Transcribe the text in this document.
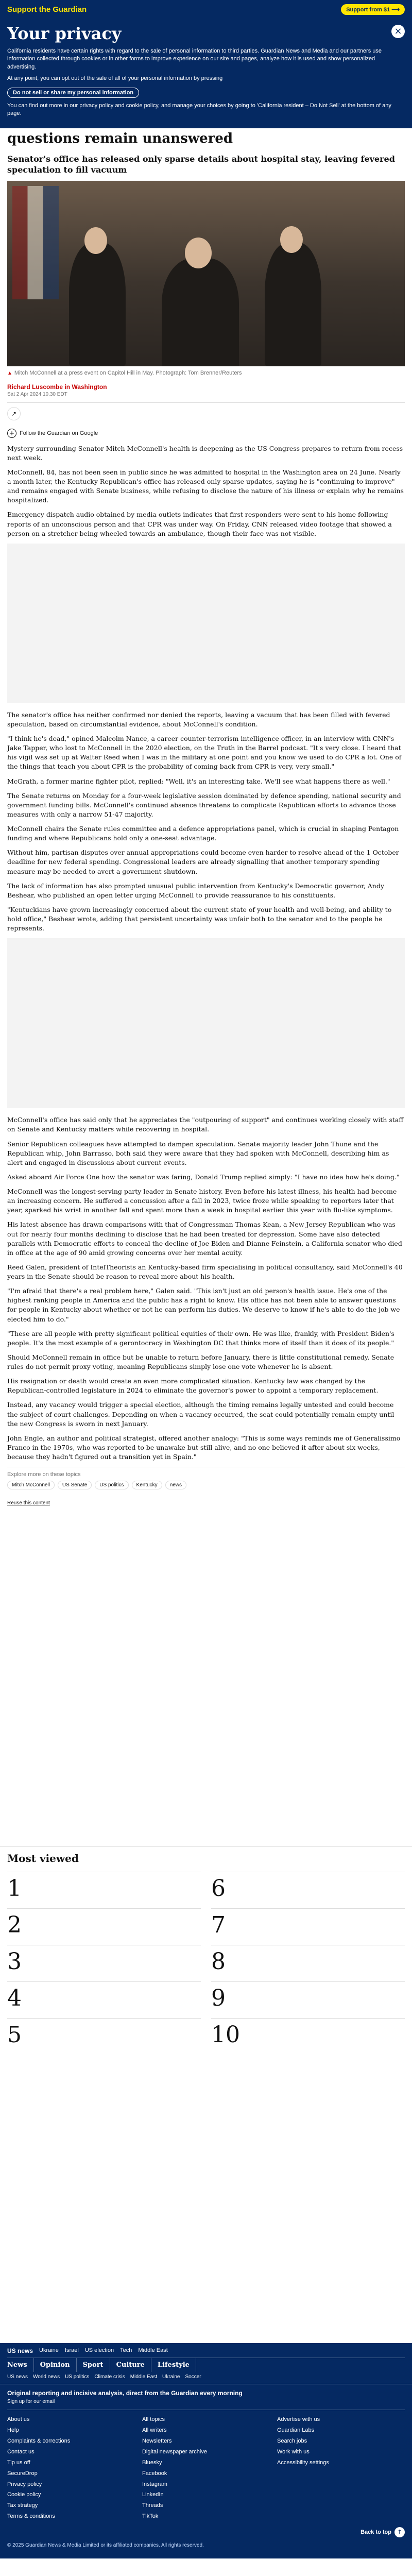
Support the Guardian	Support from $1 ⟶
×
Your privacy

California residents have certain rights with regard to the sale of personal information to third parties. Guardian News and Media and our partners use information collected through cookies or in other forms to improve experience on our site and pages, analyze how it is used and show personalized advertising.

At any point, you can opt out of the sale of all of your personal information by pressing

Do not sell or share my personal information

You can find out more in our privacy policy and cookie policy, and manage your choices by going to 'California resident – Do Not Sell' at the bottom of any page.

questions remain unanswered

Senator's office has released only sparse details about hospital stay, leaving fevered speculation to fill vacuum

▲ Mitch McConnell at a press event on Capitol Hill in May. Photograph: Tom Brenner/Reuters

Richard Luscombe in Washington
Sat 2 Apr 2024 10.30 EDT
↗
+ Follow the Guardian on Google

Mystery surrounding Senator Mitch McConnell's health is deepening as the US Congress prepares to return from recess next week.

McConnell, 84, has not been seen in public since he was admitted to hospital in the Washington area on 24 June. Nearly a month later, the Kentucky Republican's office has released only sparse updates, saying he is "continuing to improve" and remains engaged with Senate business, while refusing to disclose the nature of his illness or explain why he remains hospitalized.

Emergency dispatch audio obtained by media outlets indicates that first responders were sent to his home following reports of an unconscious person and that CPR was under way. On Friday, CNN released video footage that showed a person on a stretcher being wheeled towards an ambulance, though their face was not visible.

The senator's office has neither confirmed nor denied the reports, leaving a vacuum that has been filled with fevered speculation, based on circumstantial evidence, about McConnell's condition.

"I think he's dead," opined Malcolm Nance, a career counter-terrorism intelligence officer, in an interview with CNN's Jake Tapper, who lost to McConnell in the 2020 election, on the Truth in the Barrel podcast. "It's very close. I heard that his vigil was set up at Walter Reed when I was in the military at one point and you know we used to do CPR a lot. One of the things that teach you about CPR is the probability of coming back from CPR is very, very small."

McGrath, a former marine fighter pilot, replied: "Well, it's an interesting take. We'll see what happens there as well."

The Senate returns on Monday for a four-week legislative session dominated by defence spending, national security and government funding bills. McConnell's continued absence threatens to complicate Republican efforts to advance those measures with only a narrow 51-47 majority.

McConnell chairs the Senate rules committee and a defence appropriations panel, which is crucial in shaping Pentagon funding and where Republicans hold only a one-seat advantage.

Without him, partisan disputes over annual appropriations could become even harder to resolve ahead of the 1 October deadline for new federal spending. Congressional leaders are already signalling that another temporary spending measure may be needed to avert a government shutdown.

The lack of information has also prompted unusual public intervention from Kentucky's Democratic governor, Andy Beshear, who published an open letter urging McConnell to provide reassurance to his constituents.

"Kentuckians have grown increasingly concerned about the current state of your health and well-being, and ability to hold office," Beshear wrote, adding that persistent uncertainty was unfair both to the senator and to the people he represents.

McConnell's office has said only that he appreciates the "outpouring of support" and continues working closely with staff on Senate and Kentucky matters while recovering in hospital.

Senior Republican colleagues have attempted to dampen speculation. Senate majority leader John Thune and the Republican whip, John Barrasso, both said they were aware that they had spoken with McConnell, describing him as alert and engaged in discussions about current events.

Asked aboard Air Force One how the senator was faring, Donald Trump replied simply: "I have no idea how he's doing."

McConnell was the longest-serving party leader in Senate history. Even before his latest illness, his health had become an increasing concern. He suffered a concussion after a fall in 2023, twice froze while speaking to reporters later that year, sparked his wrist in another fall and spent more than a week in hospital earlier this year with flu-like symptoms.

His latest absence has drawn comparisons with that of Congressman Thomas Kean, a New Jersey Republican who was out for nearly four months declining to disclose that he had been treated for depression. Some have also detected parallels with Democratic efforts to conceal the decline of Joe Biden and Dianne Feinstein, a California senator who died in office at the age of 90 amid growing concerns over her mental acuity.

Reed Galen, president of IntelTheorists an Kentucky-based firm specialising in political consultancy, said McConnell's 40 years in the Senate should be reason to reveal more about his health.

"I'm afraid that there's a real problem here," Galen said. "This isn't just an old person's health issue. He's one of the highest ranking people in America and the public has a right to know. His office has not been able to answer questions for people in Kentucky about whether or not he can perform his duties. We deserve to know if he's able to do the job we elected him to do."

"These are all people with pretty significant political equities of their own. He was like, frankly, with President Biden's people. It's the most example of a gerontocracy in Washington DC that thinks more of itself than it does of its people."

Should McConnell remain in office but be unable to return before January, there is little constitutional remedy. Senate rules do not permit proxy voting, meaning Republicans simply lose one vote whenever he is absent.

His resignation or death would create an even more complicated situation. Kentucky law was changed by the Republican-controlled legislature in 2024 to eliminate the governor's power to appoint a temporary replacement.

Instead, any vacancy would trigger a special election, although the timing remains legally untested and could become the subject of court challenges. Depending on when a vacancy occurred, the seat could potentially remain empty until the new Congress is sworn in next January.

John Engle, an author and political strategist, offered another analogy: "This is some ways reminds me of Generalissimo Franco in the 1970s, who was reported to be unawake but still alive, and no one believed it after about six weeks, because they hadn't figured out a transition yet in Spain."

Explore more on these topics
Mitch McConnell	US Senate	US politics	Kentucky	news
Reuse this content
Most viewed
1	6
2	7
3	8
4	9
5	10
US news Ukraine Israel US election Tech Middle East
News	Opinion	Sport	Culture	Lifestyle
US news World news US politics Climate crisis Middle East Ukraine Soccer
Original reporting and incisive analysis, direct from the Guardian every morning
Sign up for our email
About us
Help
Complaints & corrections
Contact us
Tip us off
SecureDrop
Privacy policy
Cookie policy
Tax strategy
Terms & conditions
All topics
All writers
Newsletters
Digital newspaper archive
Bluesky
Facebook
Instagram
LinkedIn
Threads
TikTok
Advertise with us
Guardian Labs
Search jobs
Work with us
Accessibility settings
Back to top ↑
© 2025 Guardian News & Media Limited or its affiliated companies. All rights reserved.
